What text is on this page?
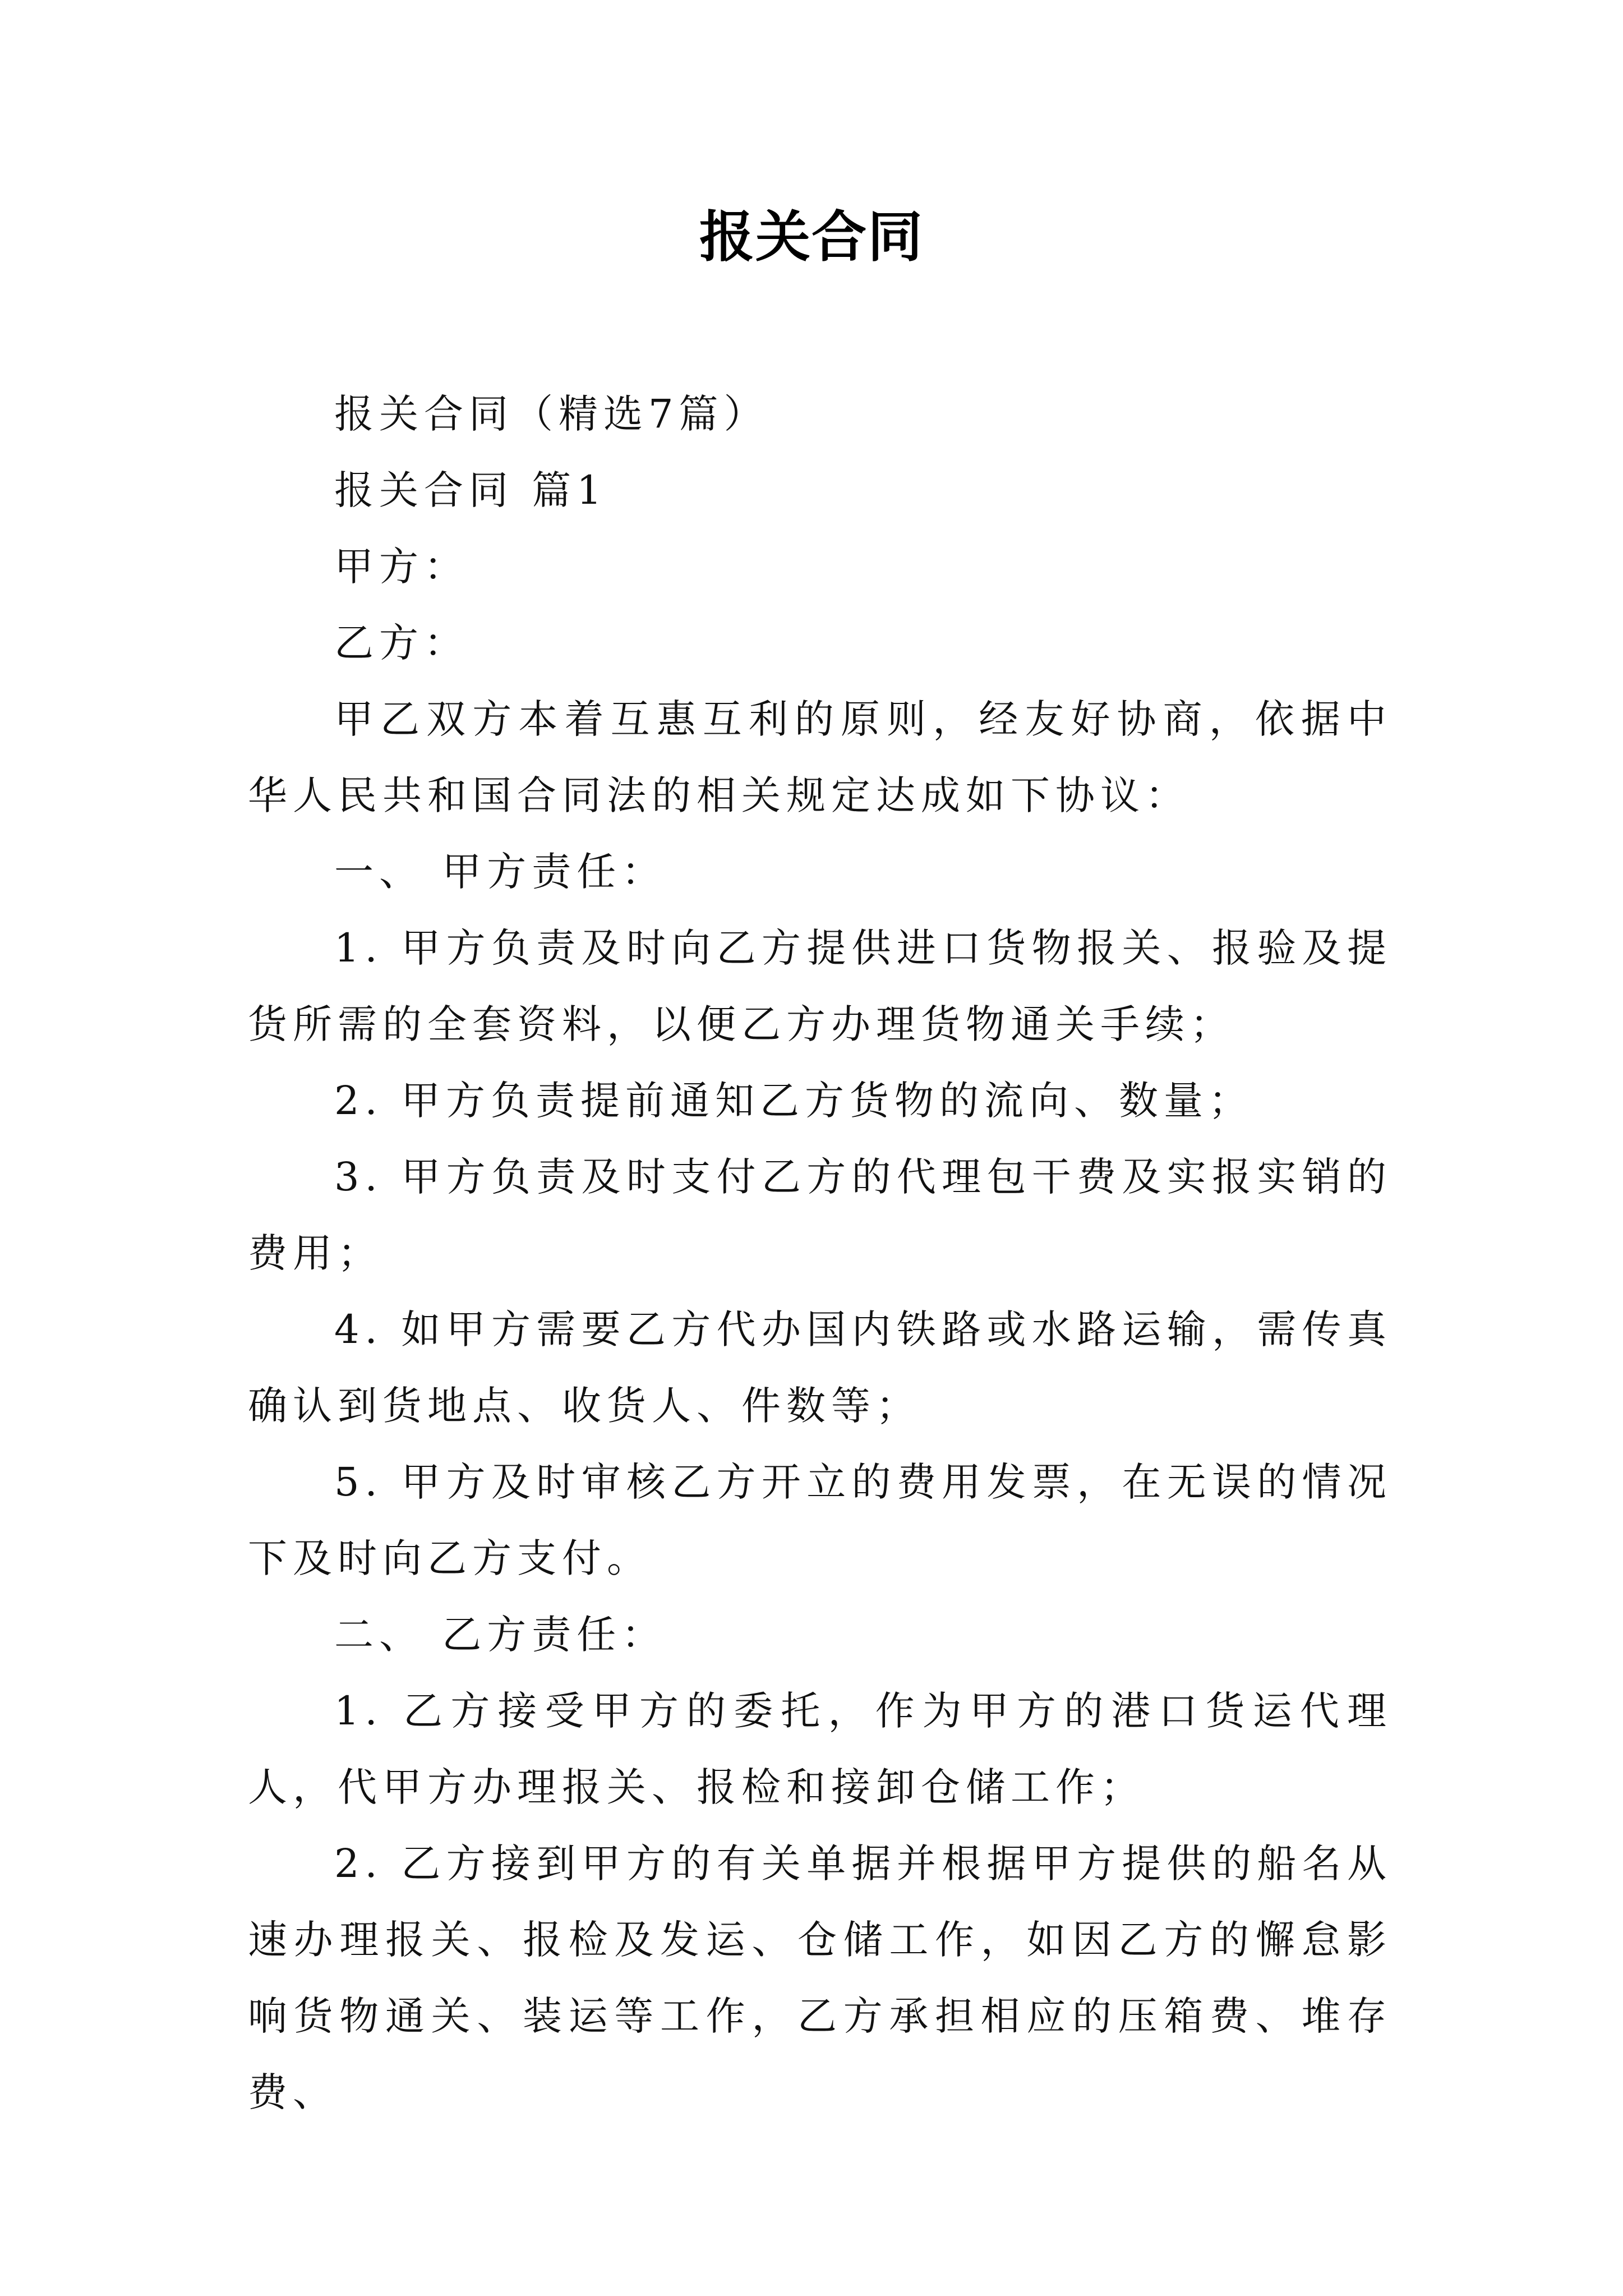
报关合同

报关合同（精选7篇）

报关合同 篇1

甲方：

乙方：

甲乙双方本着互惠互利的原则，经友好协商，依据中华人民共和国合同法的相关规定达成如下协议：

一、 甲方责任：

1. 甲方负责及时向乙方提供进口货物报关、报验及提货所需的全套资料，以便乙方办理货物通关手续；

2. 甲方负责提前通知乙方货物的流向、数量；

3. 甲方负责及时支付乙方的代理包干费及实报实销的费用；

4. 如甲方需要乙方代办国内铁路或水路运输，需传真确认到货地点、收货人、件数等；

5. 甲方及时审核乙方开立的费用发票，在无误的情况下及时向乙方支付。

二、 乙方责任：

1. 乙方接受甲方的委托，作为甲方的港口货运代理人，代甲方办理报关、报检和接卸仓储工作；

2. 乙方接到甲方的有关单据并根据甲方提供的船名从速办理报关、报检及发运、仓储工作，如因乙方的懈怠影响货物通关、装运等工作，乙方承担相应的压箱费、堆存费、
